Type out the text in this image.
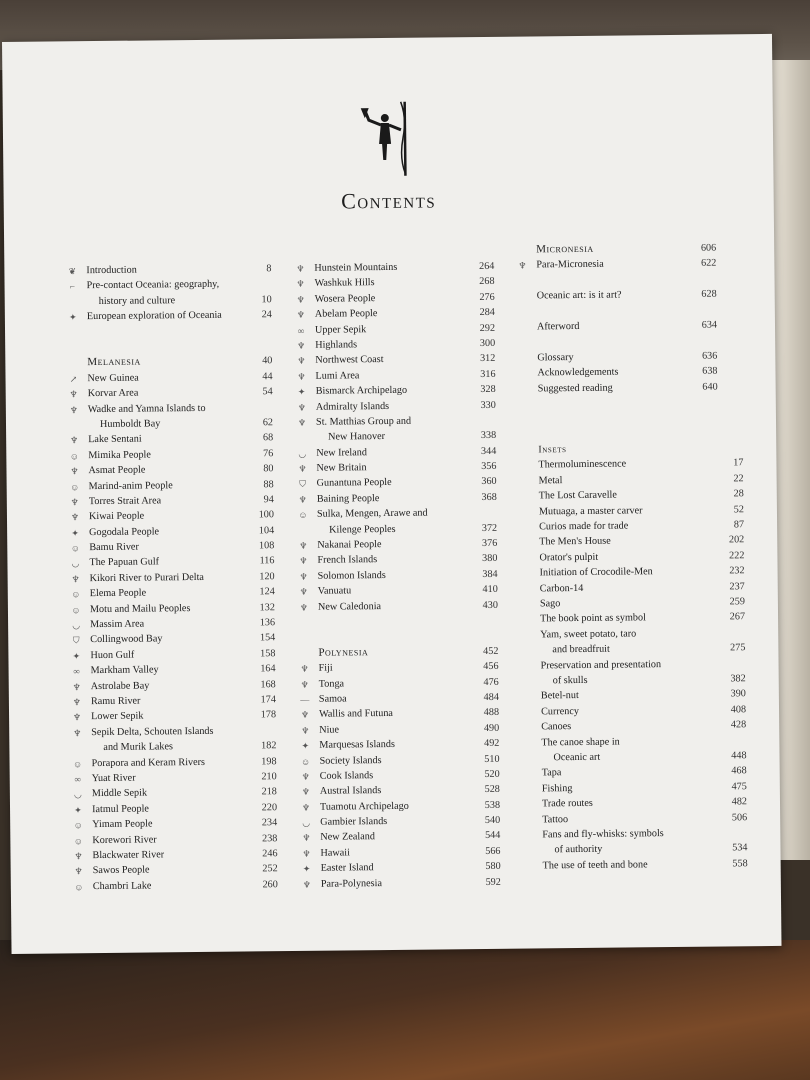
Contents
❦ Introduction	8
⌐	Pre-contact Oceania: geography,
history and culture	10
✦ European exploration of Oceania	24
Melanesia	40
↗ New Guinea	44
♆ Korvar Area	54
♆ Wadke and Yamna Islands to
Humboldt Bay	62
♆ Lake Sentani	68
☺ Mimika People	76
♆ Asmat People	80
☺ Marind-anim People	88
♆ Torres Strait Area	94
♆ Kiwai People	100
✦ Gogodala People	104
☺ Bamu River	108
◡ The Papuan Gulf	116
♆ Kikori River to Purari Delta	120
☺ Elema People	124
☺ Motu and Mailu Peoples	132
◡ Massim Area	136
⛉ Collingwood Bay	154
✦ Huon Gulf	158
∞ Markham Valley	164
♆ Astrolabe Bay	168
♆ Ramu River	174
♆ Lower Sepik	178
♆ Sepik Delta, Schouten Islands
and Murik Lakes	182
☺ Porapora and Keram Rivers	198
∞ Yuat River	210
◡ Middle Sepik	218
✦ Iatmul People	220
☺ Yimam People	234
☺ Korewori River	238
♆ Blackwater River	246
♆ Sawos People	252
☺ Chambri Lake	260
♆ Hunstein Mountains	264
♆ Washkuk Hills	268
♆ Wosera People	276
♆ Abelam People	284
∞ Upper Sepik	292
♆ Highlands	300
♆ Northwest Coast	312
♆ Lumi Area	316
✦ Bismarck Archipelago	328
♆ Admiralty Islands	330
♆ St. Matthias Group and
New Hanover	338
◡ New Ireland	344
♆ New Britain	356
⛉ Gunantuna People	360
♆ Baining People	368
☺ Sulka, Mengen, Arawe and
Kilenge Peoples	372
♆ Nakanai People	376
♆ French Islands	380
♆ Solomon Islands	384
♆ Vanuatu	410
♆ New Caledonia	430
Polynesia	452
♆ Fiji	456
♆ Tonga	476
— Samoa	484
♆ Wallis and Futuna	488
♆ Niue	490
✦ Marquesas Islands	492
☺ Society Islands	510
♆ Cook Islands	520
♆ Austral Islands	528
♆ Tuamotu Archipelago	538
◡ Gambier Islands	540
♆ New Zealand	544
♆ Hawaii	566
✦ Easter Island	580
♆ Para-Polynesia	592
Micronesia	606
♆ Para-Micronesia	622
Oceanic art: is it art?	628
Afterword	634
Glossary	636
Acknowledgements	638
Suggested reading	640
Insets
Thermoluminescence	17
Metal	22
The Lost Caravelle	28
Mutuaga, a master carver	52
Curios made for trade	87
The Men's House	202
Orator's pulpit	222
Initiation of Crocodile-Men	232
Carbon-14	237
Sago	259
The book point as symbol	267
Yam, sweet potato, taro
and breadfruit	275
Preservation and presentation
of skulls	382
Betel-nut	390
Currency	408
Canoes	428
The canoe shape in
Oceanic art	448
Tapa	468
Fishing	475
Trade routes	482
Tattoo	506
Fans and fly-whisks: symbols
of authority	534
The use of teeth and bone	558
